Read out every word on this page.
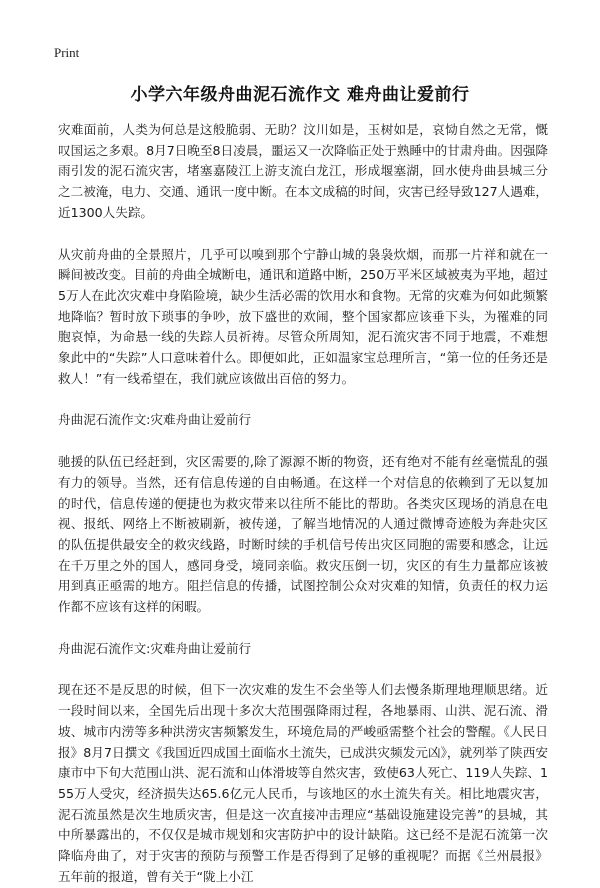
Print
小学六年级舟曲泥石流作文 难舟曲让爱前行

灾难面前，人类为何总是这般脆弱、无助？汶川如是，玉树如是，哀恸自然之无常，慨叹国运之多艰。8月7日晚至8日凌晨，噩运又一次降临正处于熟睡中的甘肃舟曲。因强降雨引发的泥石流灾害，堵塞嘉陵江上游支流白龙江，形成堰塞湖，回水使舟曲县城三分之二被淹，电力、交通、通讯一度中断。在本文成稿的时间，灾害已经导致127人遇难，近1300人失踪。

从灾前舟曲的全景照片，几乎可以嗅到那个宁静山城的袅袅炊烟，而那一片祥和就在一瞬间被改变。目前的舟曲全城断电，通讯和道路中断，250万平米区域被夷为平地，超过5万人在此次灾难中身陷险境，缺少生活必需的饮用水和食物。无常的灾难为何如此频繁地降临？暂时放下琐事的争吵，放下盛世的欢闹，整个国家都应该垂下头，为罹难的同胞哀悼，为命悬一线的失踪人员祈祷。尽管众所周知，泥石流灾害不同于地震，不难想象此中的“失踪”人口意味着什么。即便如此，正如温家宝总理所言，“第一位的任务还是救人！”有一线希望在，我们就应该做出百倍的努力。

舟曲泥石流作文:灾难舟曲让爱前行

驰援的队伍已经赶到，灾区需要的,除了源源不断的物资，还有绝对不能有丝毫慌乱的强有力的领导。当然，还有信息传递的自由畅通。在这样一个对信息的依赖到了无以复加的时代，信息传递的便捷也为救灾带来以往所不能比的帮助。各类灾区现场的消息在电视、报纸、网络上不断被刷新，被传递，了解当地情况的人通过微博奇迹般为奔赴灾区的队伍提供最安全的救灾线路，时断时续的手机信号传出灾区同胞的需要和感念，让远在千万里之外的国人，感同身受，境同亲临。救灾压倒一切，灾区的有生力量都应该被用到真正亟需的地方。阻拦信息的传播，试图控制公众对灾难的知情，负责任的权力运作都不应该有这样的闲暇。

舟曲泥石流作文:灾难舟曲让爱前行

现在还不是反思的时候，但下一次灾难的发生不会坐等人们去慢条斯理地理顺思绪。近一段时间以来，全国先后出现十多次大范围强降雨过程，各地暴雨、山洪、泥石流、滑坡、城市内涝等多种洪涝灾害频繁发生，环境危局的严峻亟需整个社会的警醒。《人民日报》8月7日撰文《我国近四成国土面临水土流失，已成洪灾频发元凶》，就列举了陕西安康市中下旬大范围山洪、泥石流和山体滑坡等自然灾害，致使63人死亡、119人失踪、155万人受灾，经济损失达65.6亿元人民币，与该地区的水土流失有关。相比地震灾害，泥石流虽然是次生地质灾害，但是这一次直接冲击理应“基础设施建设完善”的县城，其中所暴露出的，不仅仅是城市规划和灾害防护中的设计缺陷。这已经不是泥石流第一次降临舟曲了，对于灾害的预防与预警工作是否得到了足够的重视呢？而据《兰州晨报》五年前的报道，曾有关于“陇上小江
